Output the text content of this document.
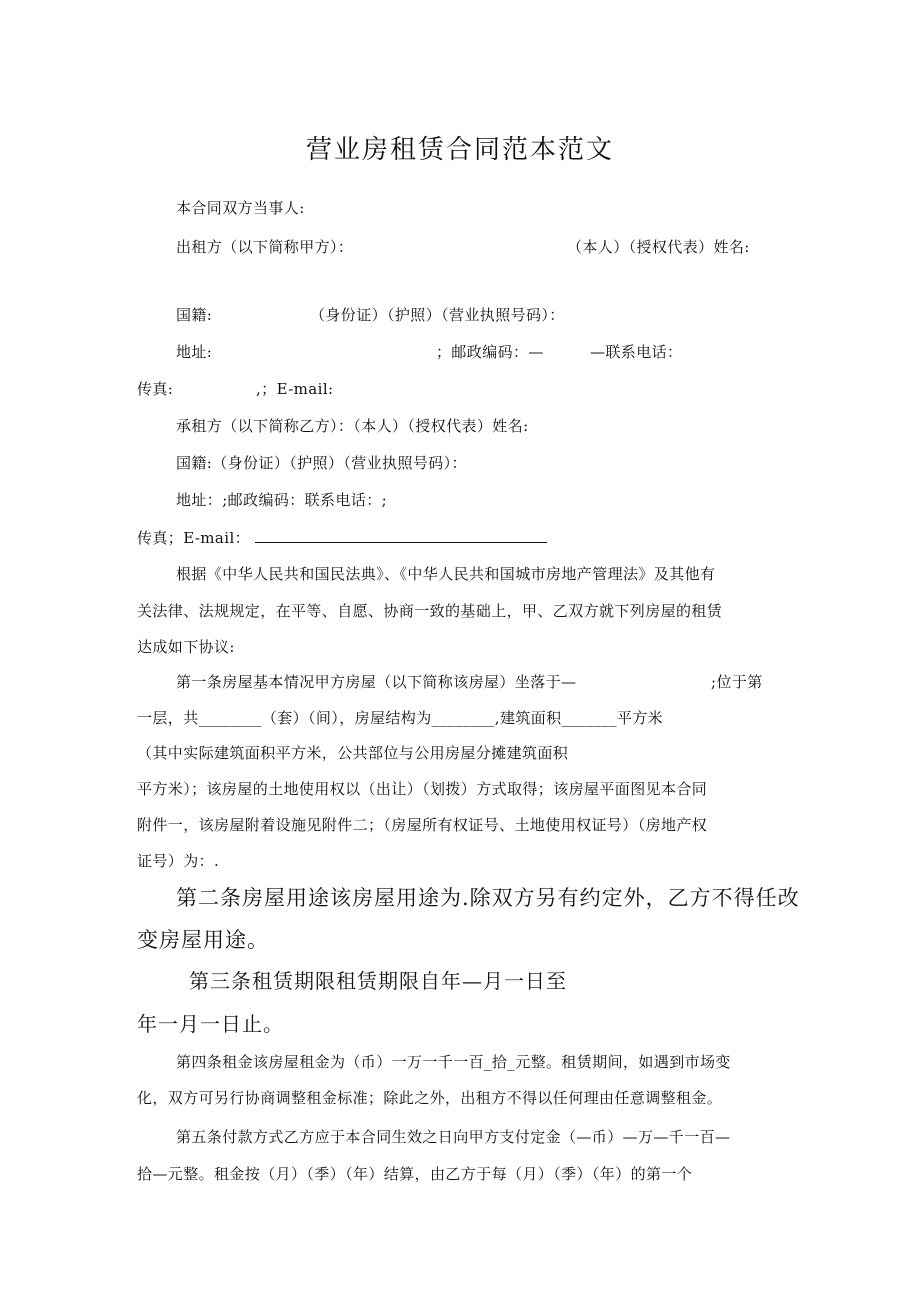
营业房租赁合同范本范文
本合同双方当事人:
出租方（以下简称甲方）：	（本人）（授权代表）姓名:
国籍:	（身份证）（护照）（营业执照号码）：
地址:	；邮政编码：—	—联系电话：
传真:	,；E-mail:
承租方（以下简称乙方）：（本人）（授权代表）姓名:
国籍:（身份证）（护照）（营业执照号码）：
地址：;邮政编码：联系电话：;
传真；E-mail：
根据《中华人民共和国民法典》、《中华人民共和国城市房地产管理法》及其他有
关法律、法规规定，在平等、自愿、协商一致的基础上，甲、乙双方就下列房屋的租赁
达成如下协议:
第一条房屋基本情况甲方房屋（以下简称该房屋）坐落于—	;位于第
一层，共________（套）（间），房屋结构为________,建筑面积_______平方米
（其中实际建筑面积平方米，公共部位与公用房屋分摊建筑面积
平方米）；该房屋的土地使用权以（出让）（划拨）方式取得；该房屋平面图见本合同
附件一，该房屋附着设施见附件二；（房屋所有权证号、土地使用权证号）（房地产权
证号）为：.
第二条房屋用途该房屋用途为.除双方另有约定外，乙方不得任改
变房屋用途。
第三条租赁期限租赁期限自年—月一日至
年一月一日止。
第四条租金该房屋租金为（币）一万一千一百_拾_元整。租赁期间，如遇到市场变
化，双方可另行协商调整租金标准；除此之外，出租方不得以任何理由任意调整租金。
第五条付款方式乙方应于本合同生效之日向甲方支付定金（—币）—万—千一百—
拾—元整。租金按（月）（季）（年）结算，由乙方于每（月）（季）（年）的第一个
